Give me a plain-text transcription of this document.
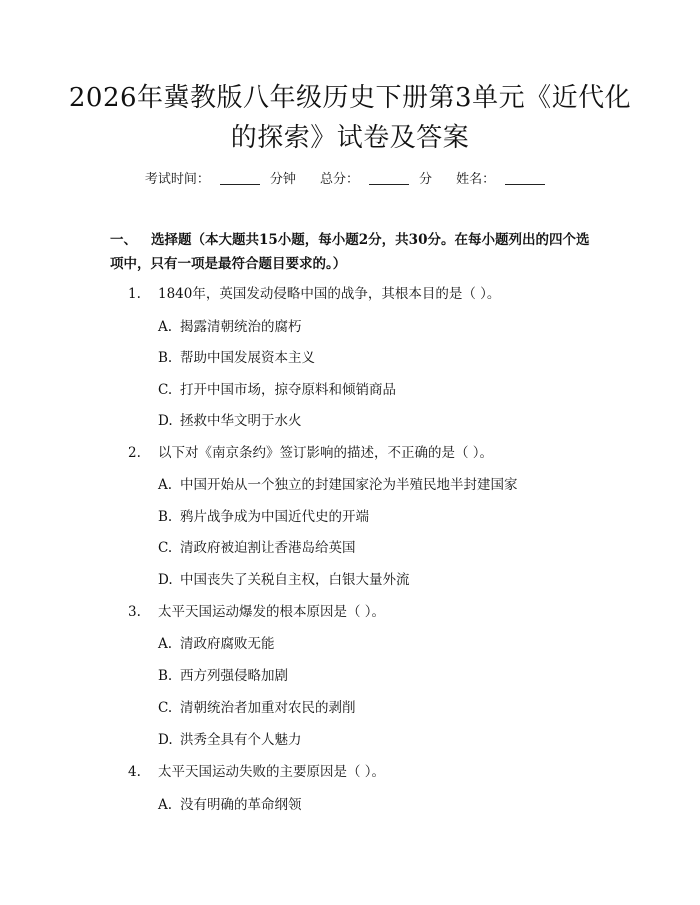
2026年冀教版八年级历史下册第3单元《近代化的探索》试卷及答案
考试时间：	分钟 总分：	分 姓名：
一、 选择题（本大题共15小题，每小题2分，共30分。在每小题列出的四个选项中，只有一项是最符合题目要求的。）
1. 1840年，英国发动侵略中国的战争，其根本目的是（ ）。
A. 揭露清朝统治的腐朽
B. 帮助中国发展资本主义
C. 打开中国市场，掠夺原料和倾销商品
D. 拯救中华文明于水火
2. 以下对《南京条约》签订影响的描述，不正确的是（ ）。
A. 中国开始从一个独立的封建国家沦为半殖民地半封建国家
B. 鸦片战争成为中国近代史的开端
C. 清政府被迫割让香港岛给英国
D. 中国丧失了关税自主权，白银大量外流
3. 太平天国运动爆发的根本原因是（ ）。
A. 清政府腐败无能
B. 西方列强侵略加剧
C. 清朝统治者加重对农民的剥削
D. 洪秀全具有个人魅力
4. 太平天国运动失败的主要原因是（ ）。
A. 没有明确的革命纲领
